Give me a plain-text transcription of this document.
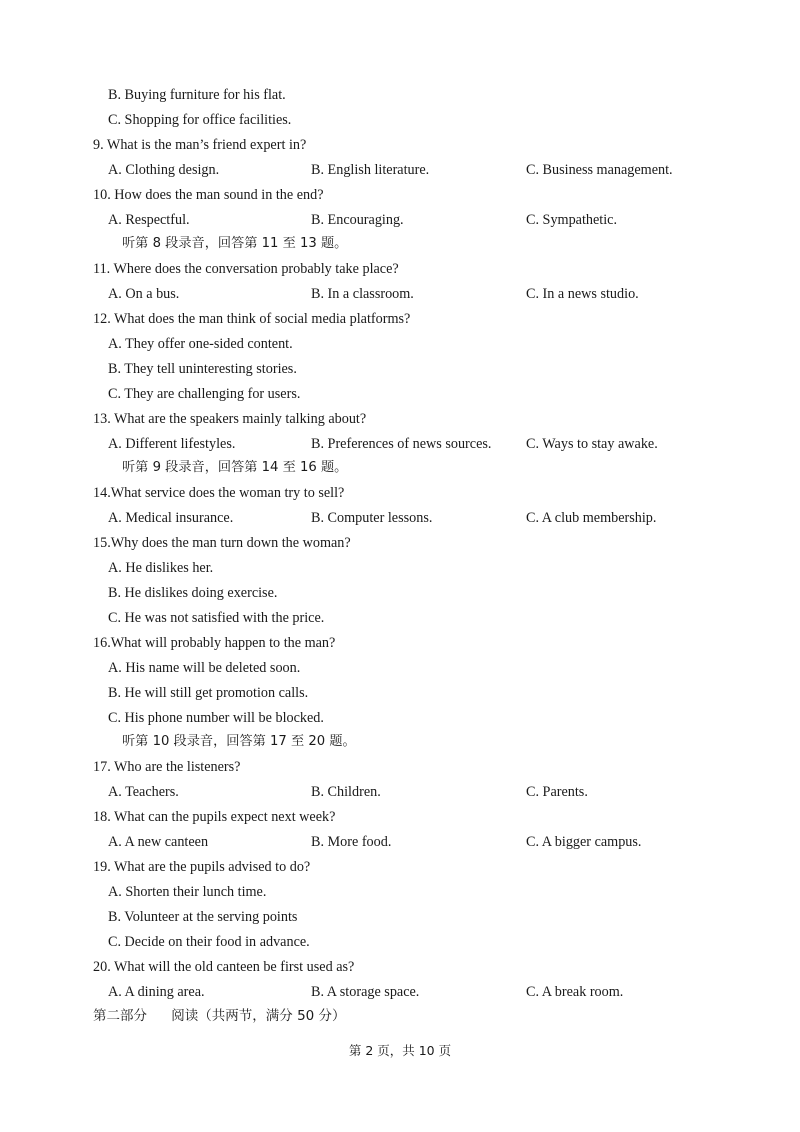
B. Buying furniture for his flat.
C. Shopping for office facilities.
9. What is the man’s friend expert in?
A. Clothing design.	B. English literature.	C. Business management.
10. How does the man sound in the end?
A. Respectful.	B. Encouraging.	C. Sympathetic.
听第 8 段录音，回答第 11 至 13 题。
11. Where does the conversation probably take place?
A. On a bus.	B. In a classroom.	C. In a news studio.
12. What does the man think of social media platforms?
A. They offer one-sided content.
B. They tell uninteresting stories.
C. They are challenging for users.
13. What are the speakers mainly talking about?
A. Different lifestyles.	B. Preferences of news sources. C. Ways to stay awake.
听第 9 段录音，回答第 14 至 16 题。
14.What service does the woman try to sell?
A. Medical insurance.	B. Computer lessons.	C. A club membership.
15.Why does the man turn down the woman?
A. He dislikes her.
B. He dislikes doing exercise.
C. He was not satisfied with the price.
16.What will probably happen to the man?
A. His name will be deleted soon.
B. He will still get promotion calls.
C. His phone number will be blocked.
听第 10 段录音，回答第 17 至 20 题。
17. Who are the listeners?
A. Teachers.	B. Children.	C. Parents.
18. What can the pupils expect next week?
A. A new canteen	B. More food.	C. A bigger campus.
19. What are the pupils advised to do?
A. Shorten their lunch time.
B. Volunteer at the serving points
C. Decide on their food in advance.
20. What will the old canteen be first used as?
A. A dining area.	B. A storage space.	C. A break room.
第二部分 阅读（共两节，满分 50 分）
第 2 页，共 10 页
